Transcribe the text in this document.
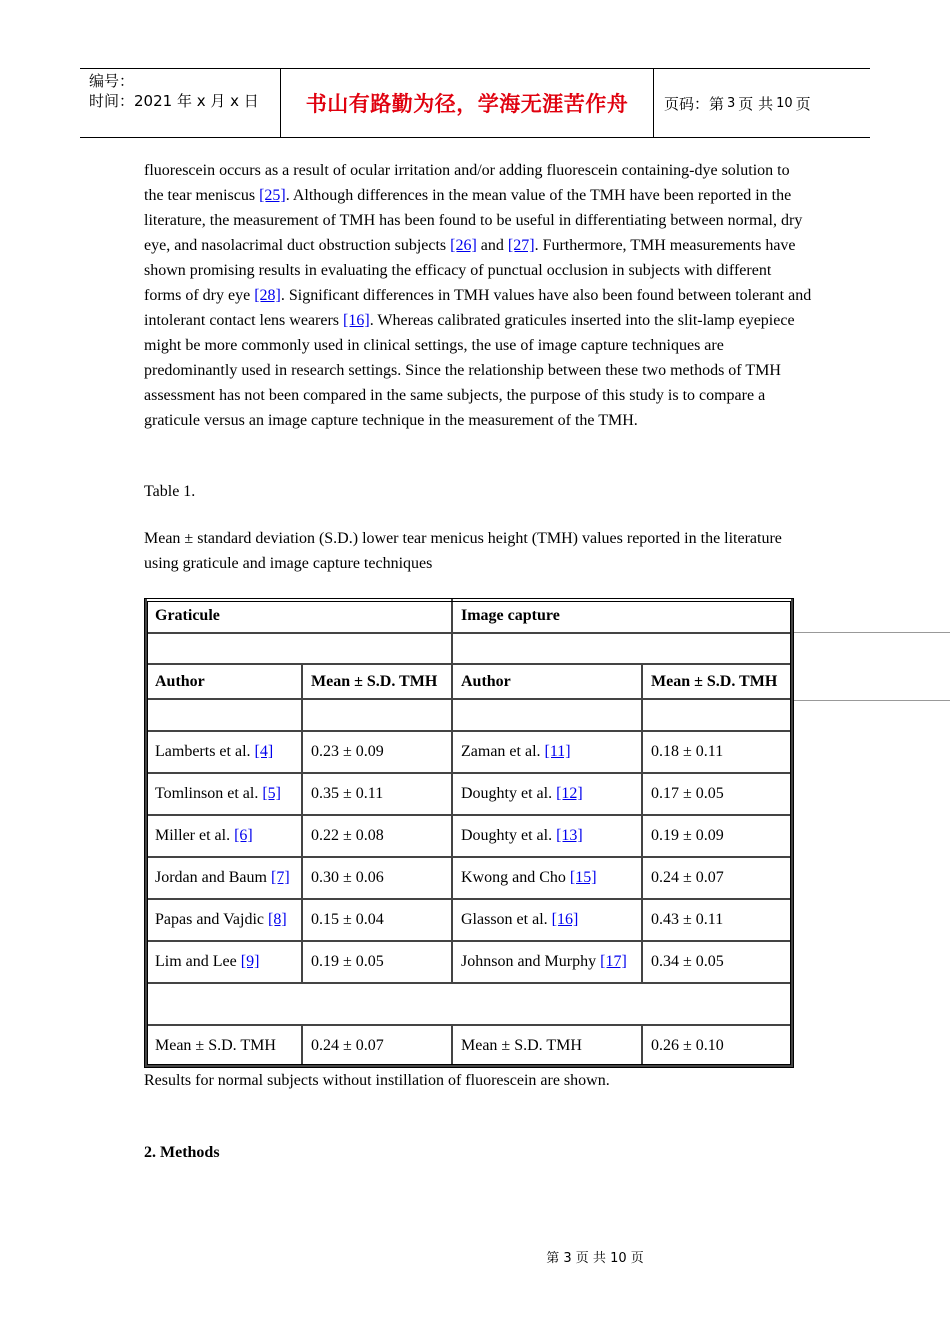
编号：
时间：2021 年 x 月 x 日	书山有路勤为径，学海无涯苦作舟 页码：第 3 页 共 10 页

fluorescein occurs as a result of ocular irritation and/or adding fluorescein containing-dye solution to the tear meniscus [25]. Although differences in the mean value of the TMH have been reported in the literature, the measurement of TMH has been found to be useful in differentiating between normal, dry eye, and nasolacrimal duct obstruction subjects [26] and [27]. Furthermore, TMH measurements have shown promising results in evaluating the efficacy of punctual occlusion in subjects with different forms of dry eye [28]. Significant differences in TMH values have also been found between tolerant and intolerant contact lens wearers [16]. Whereas calibrated graticules inserted into the slit-lamp eyepiece might be more commonly used in clinical settings, the use of image capture techniques are predominantly used in research settings. Since the relationship between these two methods of TMH assessment has not been compared in the same subjects, the purpose of this study is to compare a graticule versus an image capture technique in the measurement of the TMH.

Table 1.

Mean ± standard deviation (S.D.) lower tear menicus height (TMH) values reported in the literature using graticule and image capture techniques

Graticule		Image capture	

Author	Mean ± S.D. TMH	Author	Mean ± S.D. TMH

Lamberts et al. [4]	0.23 ± 0.09	Zaman et al. [11]	0.18 ± 0.11
Tomlinson et al. [5]	0.35 ± 0.11	Doughty et al. [12]	0.17 ± 0.05
Miller et al. [6]	0.22 ± 0.08	Doughty et al. [13]	0.19 ± 0.09
Jordan and Baum [7]	0.30 ± 0.06	Kwong and Cho [15]	0.24 ± 0.07
Papas and Vajdic [8]	0.15 ± 0.04	Glasson et al. [16]	0.43 ± 0.11
Lim and Lee [9]	0.19 ± 0.05	Johnson and Murphy [17]	0.34 ± 0.05

Mean ± S.D. TMH	0.24 ± 0.07	Mean ± S.D. TMH	0.26 ± 0.10

Results for normal subjects without instillation of fluorescein are shown.

2. Methods

第 3 页 共 10 页
